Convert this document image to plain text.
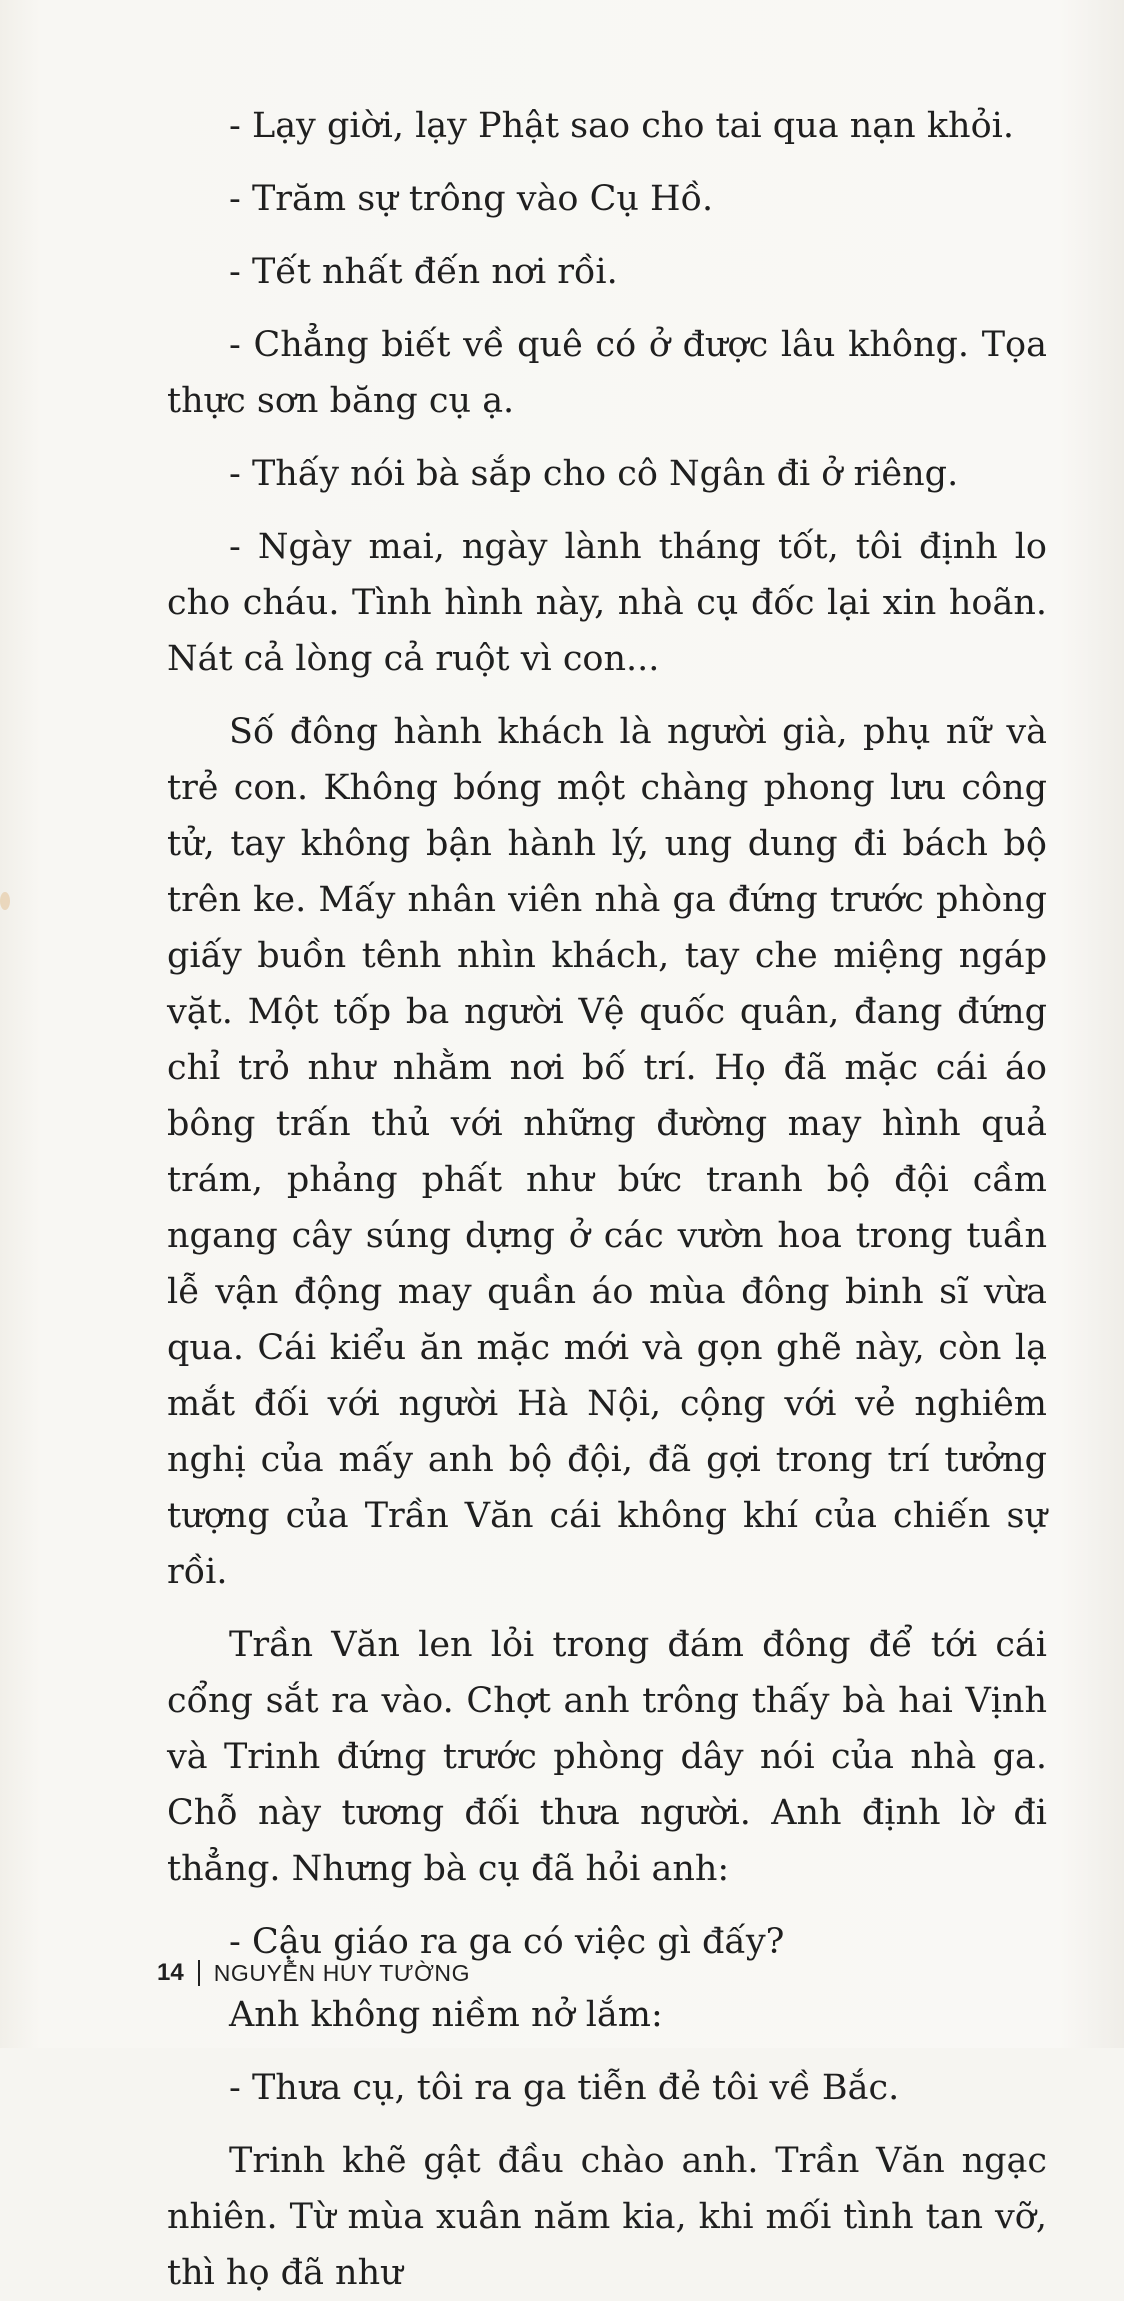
- Lạy giời, lạy Phật sao cho tai qua nạn khỏi.

- Trăm sự trông vào Cụ Hồ.

- Tết nhất đến nơi rồi.

- Chẳng biết về quê có ở được lâu không. Tọa thực sơn băng cụ ạ.

- Thấy nói bà sắp cho cô Ngân đi ở riêng.

- Ngày mai, ngày lành tháng tốt, tôi định lo cho cháu. Tình hình này, nhà cụ đốc lại xin hoãn. Nát cả lòng cả ruột vì con...

Số đông hành khách là người già, phụ nữ và trẻ con. Không bóng một chàng phong lưu công tử, tay không bận hành lý, ung dung đi bách bộ trên ke. Mấy nhân viên nhà ga đứng trước phòng giấy buồn tênh nhìn khách, tay che miệng ngáp vặt. Một tốp ba người Vệ quốc quân, đang đứng chỉ trỏ như nhằm nơi bố trí. Họ đã mặc cái áo bông trấn thủ với những đường may hình quả trám, phảng phất như bức tranh bộ đội cầm ngang cây súng dựng ở các vườn hoa trong tuần lễ vận động may quần áo mùa đông binh sĩ vừa qua. Cái kiểu ăn mặc mới và gọn ghẽ này, còn lạ mắt đối với người Hà Nội, cộng với vẻ nghiêm nghị của mấy anh bộ đội, đã gợi trong trí tưởng tượng của Trần Văn cái không khí của chiến sự rồi.

Trần Văn len lỏi trong đám đông để tới cái cổng sắt ra vào. Chợt anh trông thấy bà hai Vịnh và Trinh đứng trước phòng dây nói của nhà ga. Chỗ này tương đối thưa người. Anh định lờ đi thẳng. Nhưng bà cụ đã hỏi anh:

- Cậu giáo ra ga có việc gì đấy?

Anh không niềm nở lắm:

- Thưa cụ, tôi ra ga tiễn đẻ tôi về Bắc.

Trinh khẽ gật đầu chào anh. Trần Văn ngạc nhiên. Từ mùa xuân năm kia, khi mối tình tan vỡ, thì họ đã như

14 NGUYỄN HUY TƯỜNG
